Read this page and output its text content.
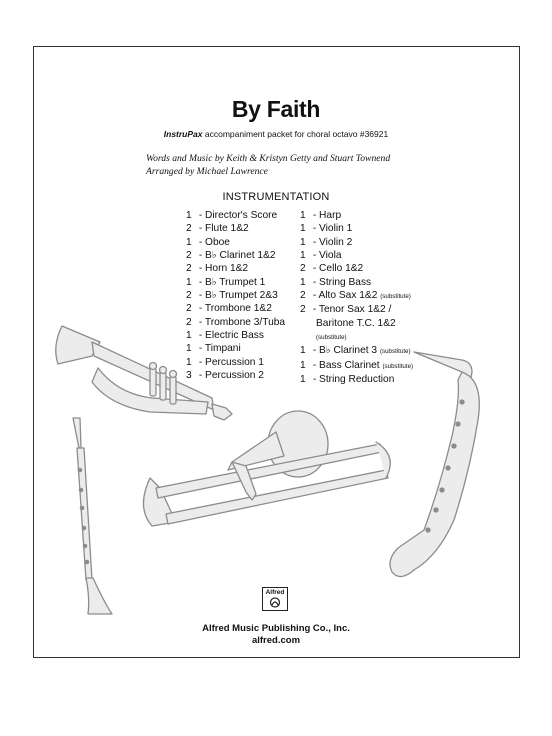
By Faith
InstruPax accompaniment packet for choral octavo #36921
Words and Music by Keith & Kristyn Getty and Stuart Townend
Arranged by Michael Lawrence
INSTRUMENTATION
1 - Director's Score
2 - Flute 1&2
1 - Oboe
2 - B♭ Clarinet 1&2
2 - Horn 1&2
1 - B♭ Trumpet 1
2 - B♭ Trumpet 2&3
2 - Trombone 1&2
2 - Trombone 3/Tuba
1 - Electric Bass
1 - Timpani
1 - Percussion 1
3 - Percussion 2
1 - Harp
1 - Violin 1
1 - Violin 2
1 - Viola
2 - Cello 1&2
1 - String Bass
2 - Alto Sax 1&2 (substitute)
2 - Tenor Sax 1&2 /
Baritone T.C. 1&2
(substitute)
1 - B♭ Clarinet 3 (substitute)
1 - Bass Clarinet (substitute)
1 - String Reduction
Alfred
Alfred Music Publishing Co., Inc.
alfred.com
